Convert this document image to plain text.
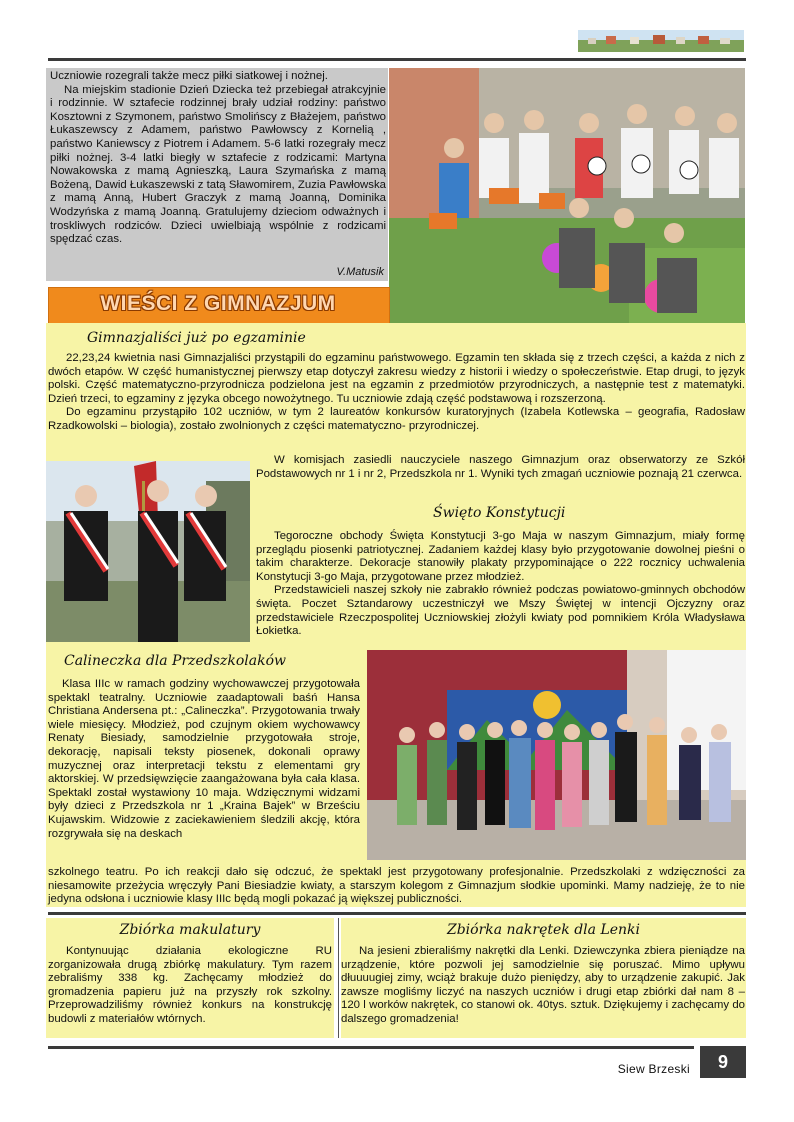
Uczniowie rozegrali także mecz piłki siatkowej i nożnej.

Na miejskim stadionie Dzień Dziecka też przebiegał atrakcyjnie i rodzinnie. W sztafecie rodzinnej brały udział rodziny: państwo Kosztowni z Szymonem, państwo Smolińscy z Błażejem, państwo Łukaszewscy z Adamem, państwo Pawłowscy z Kornelią , państwo Kaniewscy z Piotrem i Adamem. 5-6 latki rozegrały mecz piłki nożnej. 3-4 latki biegły w sztafecie z rodzicami: Martyna Nowakowska z mamą Agnieszką, Laura Szymańska z mamą Bożeną, Dawid Łukaszewski z tatą Sławomirem, Zuzia Pawłowska z mamą Anną, Hubert Graczyk z mamą Joanną, Dominika Wodzyńska z mamą Joanną. Gratulujemy dzieciom odważnych i troskliwych rodziców. Dzieci uwielbiają wspólnie z rodzicami spędzać czas.

V.Matusik
WIEŚCI Z GIMNAZJUM
Gimnazjaliści już po egzaminie

22,23,24 kwietnia nasi Gimnazjaliści przystąpili do egzaminu państwowego. Egzamin ten składa się z trzech części, a każda z nich z dwóch etapów. W część humanistycznej pierwszy etap dotyczył zakresu wiedzy z historii i wiedzy o społeczeństwie. Etap drugi, to język polski. Część matematyczno-przyrodnicza podzielona jest na egzamin z przedmiotów przyrodniczych, a następnie test z matematyki. Dzień trzeci, to egzaminy z języka obcego nowożytnego. Tu uczniowie zdają część podstawową i rozszerzoną.

Do egzaminu przystąpiło 102 uczniów, w tym 2 laureatów konkursów kuratoryjnych (Izabela Kotlewska – geografia, Radosław Rzadkowolski – biologia), zostało zwolnionych z części matematyczno- przyrodniczej.

W komisjach zasiedli nauczyciele naszego Gimnazjum oraz obserwatorzy ze Szkół Podstawowych nr 1 i nr 2, Przedszkola nr 1. Wyniki tych zmagań uczniowie poznają 21 czerwca.
Święto Konstytucji

Tegoroczne obchody Święta Konstytucji 3-go Maja w naszym Gimnazjum, miały formę przeglądu piosenki patriotycznej. Zadaniem każdej klasy było przygotowanie dowolnej pieśni o takim charakterze. Dekoracje stanowiły plakaty przypominające o 222 rocznicy uchwalenia Konstytucji 3-go Maja, przygotowane przez młodzież.

Przedstawicieli naszej szkoły nie zabrakło również podczas powiatowo-gminnych obchodów święta. Poczet Sztandarowy uczestniczył we Mszy Świętej w intencji Ojczyzny oraz przedstawiciele Rzeczpospolitej Uczniowskiej złożyli kwiaty pod pomnikiem Króla Władysława Łokietka.

Calineczka dla Przedszkolaków
Klasa IIIc w ramach godziny wychowawczej przygotowała spektakl teatralny. Uczniowie zaadaptowali baśń Hansa Christiana Andersena pt.: „Calineczka”. Przygotowania trwały wiele miesięcy. Młodzież, pod czujnym okiem wychowawcy Renaty Biesiady, samodzielnie przygotowała stroje, dekorację, napisali teksty piosenek, dokonali oprawy muzycznej oraz interpretacji tekstu z elementami gry aktorskiej. W przedsięwzięcie zaangażowana była cała klasa. Spektakl został wystawiony 10 maja. Wdzięcznymi widzami były dzieci z Przedszkola nr 1 „Kraina Bajek” w Brześciu Kujawskim. Widzowie z zaciekawieniem śledzili akcję, która rozgrywała się na deskach
szkolnego teatru. Po ich reakcji dało się odczuć, że spektakl jest przygotowany profesjonalnie. Przedszkolaki z wdzięczności za niesamowite przeżycia wręczyły Pani Biesiadzie kwiaty, a starszym kolegom z Gimnazjum słodkie upominki. Mamy nadzieję, że to nie jedyna odsłona i uczniowie klasy IIIc będą mogli pokazać ją większej publiczności.
Zbiórka makulatury
Kontynuując działania ekologiczne RU zorganizowała drugą zbiórkę makulatury. Tym razem zebraliśmy 338 kg. Zachęcamy młodzież do gromadzenia papieru już na przyszły rok szkolny. Przeprowadziliśmy również konkurs na konstrukcję budowli z materiałów wtórnych.
Zbiórka nakrętek dla Lenki
Na jesieni zbieraliśmy nakrętki dla Lenki. Dziewczynka zbiera pieniądze na urządzenie, które pozwoli jej samodzielnie się poruszać. Mimo upływu dłuuuugiej zimy, wciąż brakuje dużo pieniędzy, aby to urządzenie zakupić. Jak zawsze mogliśmy liczyć na naszych uczniów i drugi etap zbiórki dał nam 8 – 120 l worków nakrętek, co stanowi ok. 40tys. sztuk. Dziękujemy i zachęcamy do dalszego gromadzenia!
Siew Brzeski	9
